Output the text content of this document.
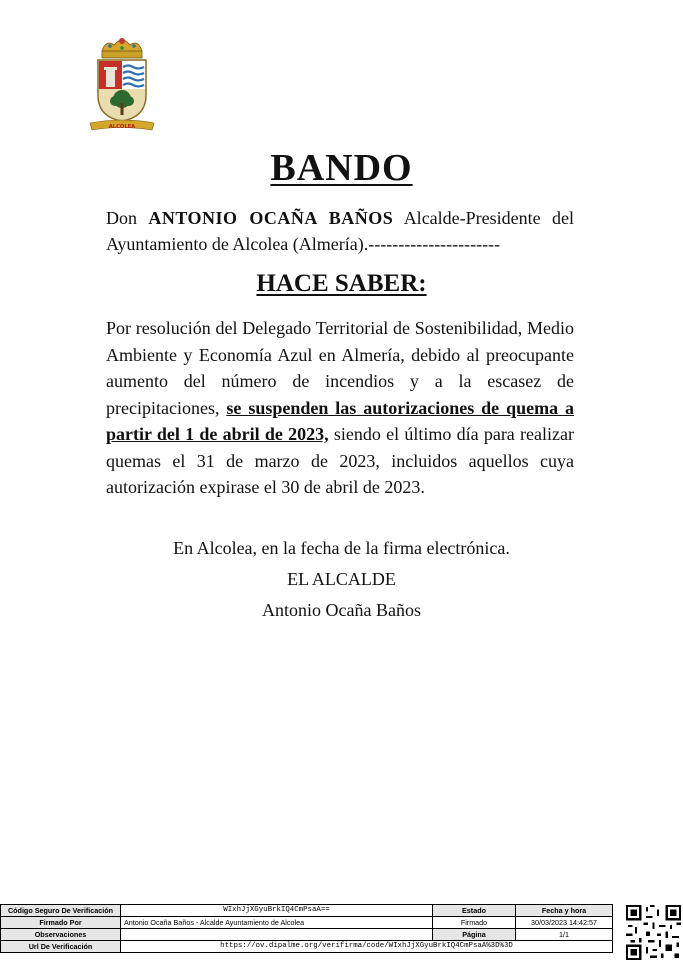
ALCOLEA
BANDO
Don ANTONIO OCAÑA BAÑOS Alcalde-Presidente del Ayuntamiento de Alcolea (Almería).----------------------
HACE SABER:
Por resolución del Delegado Territorial de Sostenibilidad, Medio Ambiente y Economía Azul en Almería, debido al preocupante aumento del número de incendios y a la escasez de precipitaciones, se suspenden las autorizaciones de quema a partir del 1 de abril de 2023, siendo el último día para realizar quemas el 31 de marzo de 2023, incluidos aquellos cuya autorización expirase el 30 de abril de 2023.
En Alcolea, en la fecha de la firma electrónica.
EL ALCALDE
Antonio Ocaña Baños
Código Seguro De Verificación	WIxhJjXGyuBrkIQ4CmPsaA==	Estado	Fecha y hora
Firmado Por	Antonio Ocaña Baños - Alcalde Ayuntamiento de Alcolea	Firmado	30/03/2023 14:42:57
Observaciones		Página	1/1
Url De Verificación	https://ov.dipalme.org/verifirma/code/WIxhJjXGyuBrkIQ4CmPsaA%3D%3D		
